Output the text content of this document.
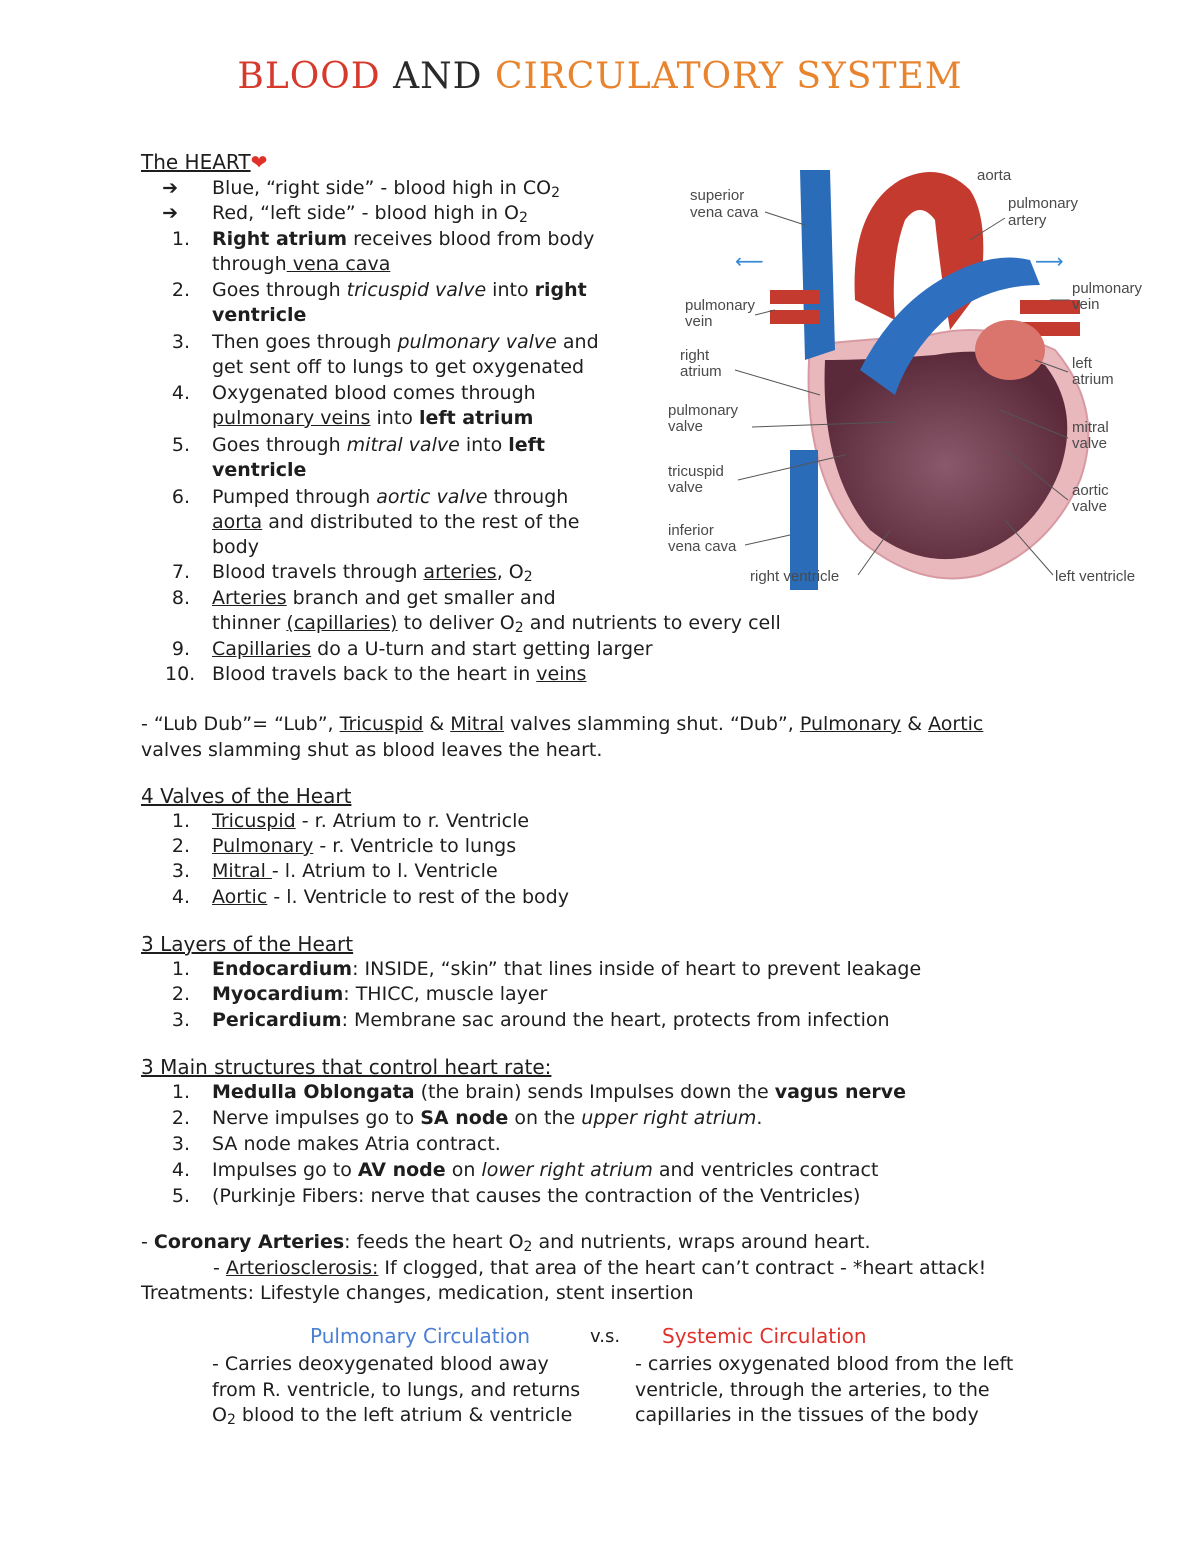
BLOOD AND CIRCULATORY SYSTEM
The HEART❤
➔ Blue, “right side” - blood high in $CO_2$
➔ Red, “left side” - blood high in $O_2$
1. Right atrium receives blood from body
through vena cava
2. Goes through tricuspid valve into right
ventricle
3. Then goes through pulmonary valve and
get sent off to lungs to get oxygenated
4. Oxygenated blood comes through
pulmonary veins into left atrium
5. Goes through mitral valve into left
ventricle
6. Pumped through aortic valve through
aorta and distributed to the rest of the
body
7. Blood travels through arteries, $O_2$
8. Arteries branch and get smaller and
thinner (capillaries) to deliver $O_2$ and nutrients to every cell
9. Capillaries do a U-turn and start getting larger
10. Blood travels back to the heart in veins
⟵	⟶
aorta
superior
vena cava
pulmonary
artery
pulmonary
vein
pulmonary
vein
right
atrium	left
atrium
pulmonary
valve	mitral
valve
tricuspid
valve	aortic
valve
inferior
vena cava
right ventricle	left ventricle
- “Lub Dub”= “Lub”, Tricuspid & Mitral valves slamming shut. “Dub”, Pulmonary & Aortic
valves slamming shut as blood leaves the heart.
4 Valves of the Heart
1. Tricuspid - r. Atrium to r. Ventricle
2. Pulmonary - r. Ventricle to lungs
3. Mitral - l. Atrium to l. Ventricle
4. Aortic - l. Ventricle to rest of the body
3 Layers of the Heart
1. Endocardium: INSIDE, “skin” that lines inside of heart to prevent leakage
2. Myocardium: THICC, muscle layer
3. Pericardium: Membrane sac around the heart, protects from infection
3 Main structures that control heart rate:
1. Medulla Oblongata (the brain) sends Impulses down the vagus nerve
2. Nerve impulses go to SA node on the upper right atrium.
3. SA node makes Atria contract.
4. Impulses go to AV node on lower right atrium and ventricles contract
5. (Purkinje Fibers: nerve that causes the contraction of the Ventricles)
- Coronary Arteries: feeds the heart $O_2$ and nutrients, wraps around heart.
- Arteriosclerosis: If clogged, that area of the heart can’t contract - *heart attack!
Treatments: Lifestyle changes, medication, stent insertion
Pulmonary Circulation	v.s. Systemic Circulation
- Carries deoxygenated blood away
from R. ventricle, to lungs, and returns
$O_2$ blood to the left atrium & ventricle
- carries oxygenated blood from the left
ventricle, through the arteries, to the
capillaries in the tissues of the body
